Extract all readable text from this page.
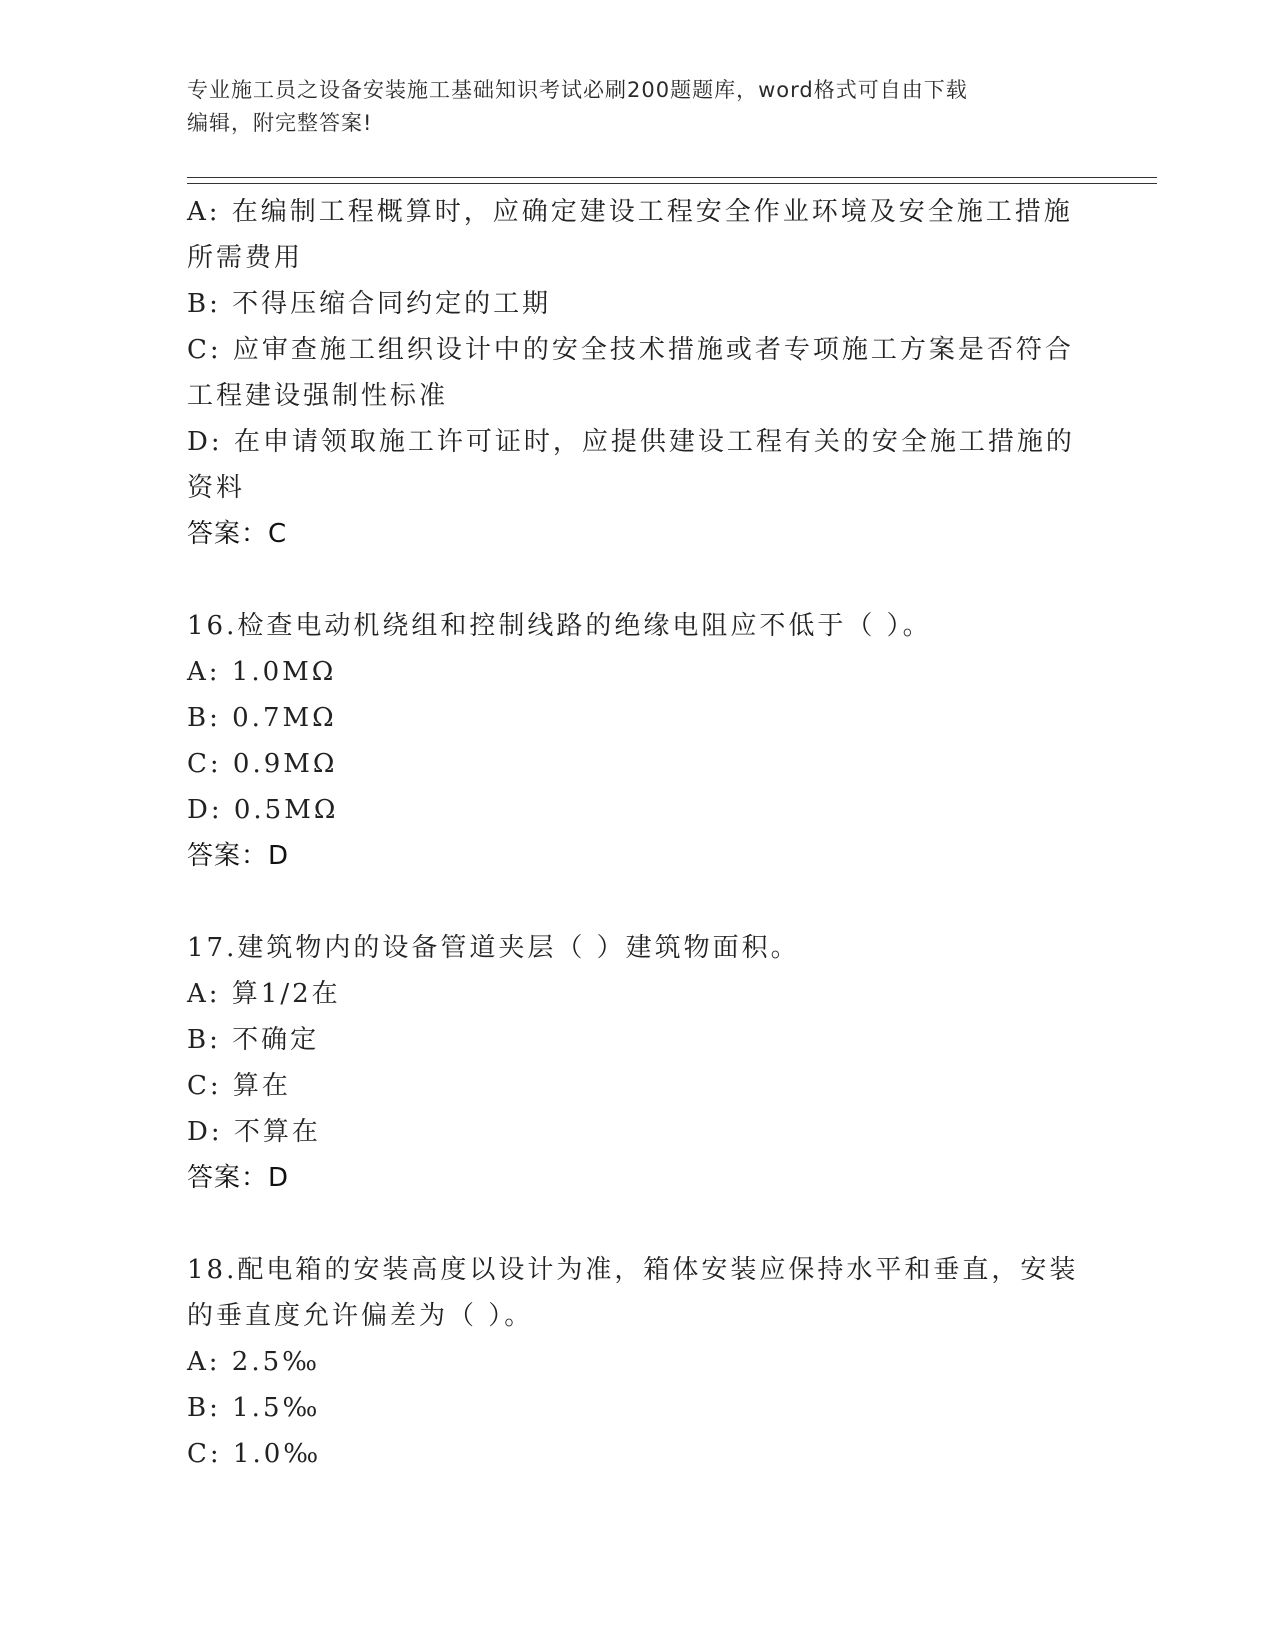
专业施工员之设备安装施工基础知识考试必刷200题题库，word格式可自由下载
编辑，附完整答案!
A: 在编制工程概算时，应确定建设工程安全作业环境及安全施工措施
所需费用
B: 不得压缩合同约定的工期
C: 应审查施工组织设计中的安全技术措施或者专项施工方案是否符合
工程建设强制性标准
D: 在申请领取施工许可证时，应提供建设工程有关的安全施工措施的
资料
答案：C
16.检查电动机绕组和控制线路的绝缘电阻应不低于（ ）。
A: 1.0MΩ
B: 0.7MΩ
C: 0.9MΩ
D: 0.5MΩ
答案：D
17.建筑物内的设备管道夹层（ ）建筑物面积。
A: 算1/2在
B: 不确定
C: 算在
D: 不算在
答案：D
18.配电箱的安装高度以设计为准，箱体安装应保持水平和垂直，安装
的垂直度允许偏差为（ ）。
A: 2.5‰
B: 1.5‰
C: 1.0‰
